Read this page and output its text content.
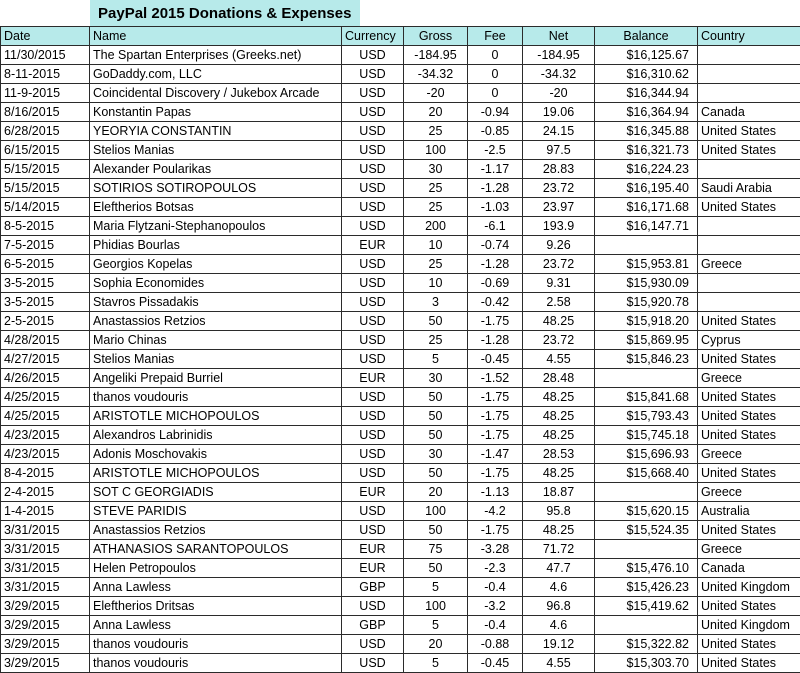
PayPal 2015 Donations & Expenses
Date	Name	Currency	Gross	Fee	Net	Balance	Country
11/30/2015	The Spartan Enterprises (Greeks.net)	USD	-184.95	0	-184.95	$16,125.67	
8-11-2015	GoDaddy.com, LLC	USD	-34.32	0	-34.32	$16,310.62	
11-9-2015	Coincidental Discovery / Jukebox Arcade	USD	-20	0	-20	$16,344.94	
8/16/2015	Konstantin Papas	USD	20	-0.94	19.06	$16,364.94	Canada
6/28/2015	YEORYIA CONSTANTIN	USD	25	-0.85	24.15	$16,345.88	United States
6/15/2015	Stelios Manias	USD	100	-2.5	97.5	$16,321.73	United States
5/15/2015	Alexander Poularikas	USD	30	-1.17	28.83	$16,224.23	
5/15/2015	SOTIRIOS SOTIROPOULOS	USD	25	-1.28	23.72	$16,195.40	Saudi Arabia
5/14/2015	Eleftherios Botsas	USD	25	-1.03	23.97	$16,171.68	United States
8-5-2015	Maria Flytzani-Stephanopoulos	USD	200	-6.1	193.9	$16,147.71	
7-5-2015	Phidias Bourlas	EUR	10	-0.74	9.26		
6-5-2015	Georgios Kopelas	USD	25	-1.28	23.72	$15,953.81	Greece
3-5-2015	Sophia Economides	USD	10	-0.69	9.31	$15,930.09	
3-5-2015	Stavros Pissadakis	USD	3	-0.42	2.58	$15,920.78	
2-5-2015	Anastassios Retzios	USD	50	-1.75	48.25	$15,918.20	United States
4/28/2015	Mario Chinas	USD	25	-1.28	23.72	$15,869.95	Cyprus
4/27/2015	Stelios Manias	USD	5	-0.45	4.55	$15,846.23	United States
4/26/2015	Angeliki Prepaid Burriel	EUR	30	-1.52	28.48		Greece
4/25/2015	thanos voudouris	USD	50	-1.75	48.25	$15,841.68	United States
4/25/2015	ARISTOTLE MICHOPOULOS	USD	50	-1.75	48.25	$15,793.43	United States
4/23/2015	Alexandros Labrinidis	USD	50	-1.75	48.25	$15,745.18	United States
4/23/2015	Adonis Moschovakis	USD	30	-1.47	28.53	$15,696.93	Greece
8-4-2015	ARISTOTLE MICHOPOULOS	USD	50	-1.75	48.25	$15,668.40	United States
2-4-2015	SOT C GEORGIADIS	EUR	20	-1.13	18.87		Greece
1-4-2015	STEVE PARIDIS	USD	100	-4.2	95.8	$15,620.15	Australia
3/31/2015	Anastassios Retzios	USD	50	-1.75	48.25	$15,524.35	United States
3/31/2015	ATHANASIOS SARANTOPOULOS	EUR	75	-3.28	71.72		Greece
3/31/2015	Helen Petropoulos	EUR	50	-2.3	47.7	$15,476.10	Canada
3/31/2015	Anna Lawless	GBP	5	-0.4	4.6	$15,426.23	United Kingdom
3/29/2015	Eleftherios Dritsas	USD	100	-3.2	96.8	$15,419.62	United States
3/29/2015	Anna Lawless	GBP	5	-0.4	4.6		United Kingdom
3/29/2015	thanos voudouris	USD	20	-0.88	19.12	$15,322.82	United States
3/29/2015	thanos voudouris	USD	5	-0.45	4.55	$15,303.70	United States
